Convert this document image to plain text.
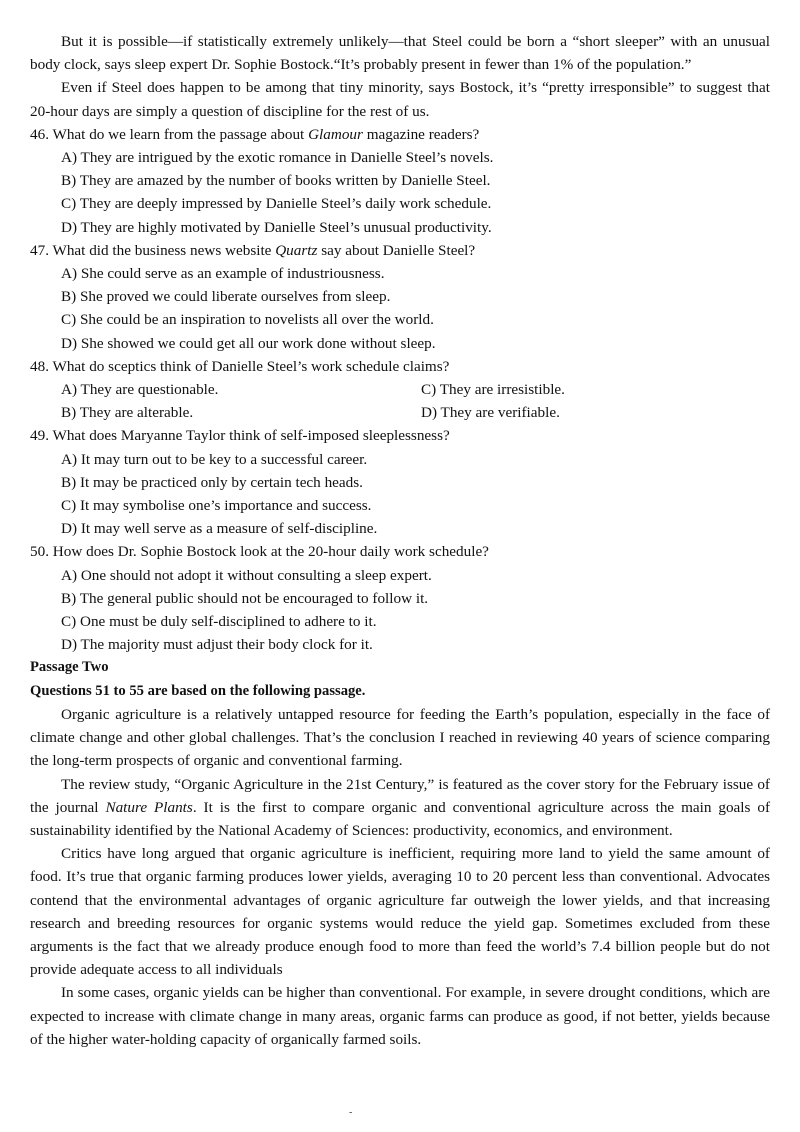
But it is possible—if statistically extremely unlikely—that Steel could be born a “short sleeper” with an unusual body clock, says sleep expert Dr. Sophie Bostock.“It’s probably present in fewer than 1% of the population.”

Even if Steel does happen to be among that tiny minority, says Bostock, it’s “pretty irresponsible” to suggest that 20-hour days are simply a question of discipline for the rest of us.

46. What do we learn from the passage about Glamour magazine readers?

A) They are intrigued by the exotic romance in Danielle Steel’s novels.

B) They are amazed by the number of books written by Danielle Steel.

C) They are deeply impressed by Danielle Steel’s daily work schedule.

D) They are highly motivated by Danielle Steel’s unusual productivity.

47. What did the business news website Quartz say about Danielle Steel?

A) She could serve as an example of industriousness.

B) She proved we could liberate ourselves from sleep.

C) She could be an inspiration to novelists all over the world.

D) She showed we could get all our work done without sleep.

48. What do sceptics think of Danielle Steel’s work schedule claims?

A) They are questionable.	C) They are irresistible.
B) They are alterable.	D) They are verifiable.

49. What does Maryanne Taylor think of self-imposed sleeplessness?

A) It may turn out to be key to a successful career.

B) It may be practiced only by certain tech heads.

C) It may symbolise one’s importance and success.

D) It may well serve as a measure of self-discipline.

50. How does Dr. Sophie Bostock look at the 20-hour daily work schedule?

A) One should not adopt it without consulting a sleep expert.

B) The general public should not be encouraged to follow it.

C) One must be duly self-disciplined to adhere to it.

D) The majority must adjust their body clock for it.

Passage Two

Questions 51 to 55 are based on the following passage.

Organic agriculture is a relatively untapped resource for feeding the Earth’s population, especially in the face of climate change and other global challenges. That’s the conclusion I reached in reviewing 40 years of science comparing the long-term prospects of organic and conventional farming.

The review study, “Organic Agriculture in the 21st Century,” is featured as the cover story for the February issue of the journal Nature Plants. It is the first to compare organic and conventional agriculture across the main goals of sustainability identified by the National Academy of Sciences: productivity, economics, and environment.

Critics have long argued that organic agriculture is inefficient, requiring more land to yield the same amount of food. It’s true that organic farming produces lower yields, averaging 10 to 20 percent less than conventional. Advocates contend that the environmental advantages of organic agriculture far outweigh the lower yields, and that increasing research and breeding resources for organic systems would reduce the yield gap. Sometimes excluded from these arguments is the fact that we already produce enough food to more than feed the world’s 7.4 billion people but do not provide adequate access to all individuals

In some cases, organic yields can be higher than conventional. For example, in severe drought conditions, which are expected to increase with climate change in many areas, organic farms can produce as good, if not better, yields because of the higher water-holding capacity of organically farmed soils.

-
